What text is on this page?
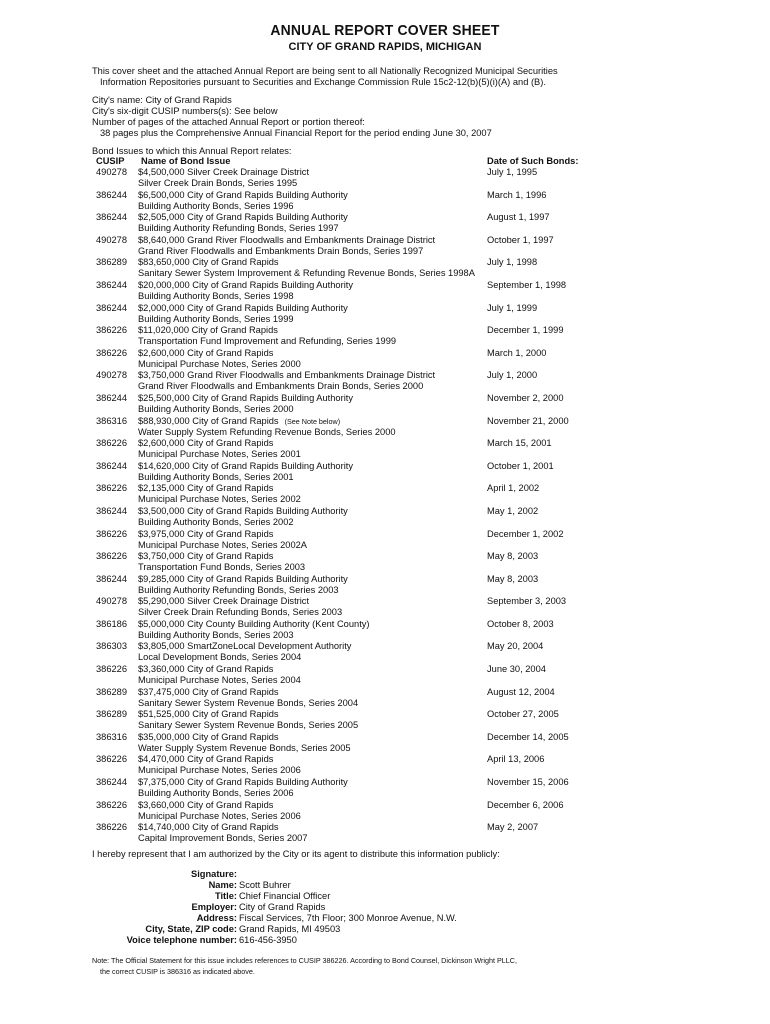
ANNUAL REPORT COVER SHEET
CITY OF GRAND RAPIDS, MICHIGAN
This cover sheet and the attached Annual Report are being sent to all Nationally Recognized Municipal Securities
Information Repositories pursuant to Securities and Exchange Commission Rule 15c2-12(b)(5)(i)(A) and (B).
City's name: City of Grand Rapids
City's six-digit CUSIP numbers(s): See below
Number of pages of the attached Annual Report or portion thereof:
38 pages plus the Comprehensive Annual Financial Report for the period ending June 30, 2007
Bond Issues to which this Annual Report relates:
CUSIP Name of Bond Issue	Date of Such Bonds:
490278 $4,500,000 Silver Creek Drainage District
Silver Creek Drain Bonds, Series 1995
July 1, 1995
386244 $6,500,000 City of Grand Rapids Building Authority
Building Authority Bonds, Series 1996
March 1, 1996
386244 $2,505,000 City of Grand Rapids Building Authority
Building Authority Refunding Bonds, Series 1997
August 1, 1997
490278 $8,640,000 Grand River Floodwalls and Embankments Drainage District
Grand River Floodwalls and Embankments Drain Bonds, Series 1997
October 1, 1997
386289 $83,650,000 City of Grand Rapids
Sanitary Sewer System Improvement & Refunding Revenue Bonds, Series 1998A
July 1, 1998
386244 $20,000,000 City of Grand Rapids Building Authority
Building Authority Bonds, Series 1998
September 1, 1998
386244 $2,000,000 City of Grand Rapids Building Authority
Building Authority Bonds, Series 1999
July 1, 1999
386226 $11,020,000 City of Grand Rapids
Transportation Fund Improvement and Refunding, Series 1999
December 1, 1999
386226 $2,600,000 City of Grand Rapids
Municipal Purchase Notes, Series 2000
March 1, 2000
490278 $3,750,000 Grand River Floodwalls and Embankments Drainage District
Grand River Floodwalls and Embankments Drain Bonds, Series 2000
July 1, 2000
386244 $25,500,000 City of Grand Rapids Building Authority
Building Authority Bonds, Series 2000
November 2, 2000
386316 $88,930,000 City of Grand Rapids (See Note below)
Water Supply System Refunding Revenue Bonds, Series 2000
November 21, 2000
386226 $2,600,000 City of Grand Rapids
Municipal Purchase Notes, Series 2001
March 15, 2001
386244 $14,620,000 City of Grand Rapids Building Authority
Building Authority Bonds, Series 2001
October 1, 2001
386226 $2,135,000 City of Grand Rapids
Municipal Purchase Notes, Series 2002
April 1, 2002
386244 $3,500,000 City of Grand Rapids Building Authority
Building Authority Bonds, Series 2002
May 1, 2002
386226 $3,975,000 City of Grand Rapids
Municipal Purchase Notes, Series 2002A
December 1, 2002
386226 $3,750,000 City of Grand Rapids
Transportation Fund Bonds, Series 2003
May 8, 2003
386244 $9,285,000 City of Grand Rapids Building Authority
Building Authority Refunding Bonds, Series 2003
May 8, 2003
490278 $5,290,000 Silver Creek Drainage District
Silver Creek Drain Refunding Bonds, Series 2003
September 3, 2003
386186 $5,000,000 City County Building Authority (Kent County)
Building Authority Bonds, Series 2003
October 8, 2003
386303 $3,805,000 SmartZoneLocal Development Authority
Local Development Bonds, Series 2004
May 20, 2004
386226 $3,360,000 City of Grand Rapids
Municipal Purchase Notes, Series 2004
June 30, 2004
386289 $37,475,000 City of Grand Rapids
Sanitary Sewer System Revenue Bonds, Series 2004
August 12, 2004
386289 $51,525,000 City of Grand Rapids
Sanitary Sewer System Revenue Bonds, Series 2005
October 27, 2005
386316 $35,000,000 City of Grand Rapids
Water Supply System Revenue Bonds, Series 2005
December 14, 2005
386226 $4,470,000 City of Grand Rapids
Municipal Purchase Notes, Series 2006
April 13, 2006
386244 $7,375,000 City of Grand Rapids Building Authority
Building Authority Bonds, Series 2006
November 15, 2006
386226 $3,660,000 City of Grand Rapids
Municipal Purchase Notes, Series 2006
December 6, 2006
386226 $14,740,000 City of Grand Rapids
Capital Improvement Bonds, Series 2007
May 2, 2007
I hereby represent that I am authorized by the City or its agent to distribute this information publicly:
Signature:
Name: Scott Buhrer
Title: Chief Financial Officer
Employer: City of Grand Rapids
Address: Fiscal Services, 7th Floor; 300 Monroe Avenue, N.W.
City, State, ZIP code: Grand Rapids, MI 49503
Voice telephone number: 616-456-3950
Note: The Official Statement for this issue includes references to CUSIP 386226. According to Bond Counsel, Dickinson Wright PLLC,
the correct CUSIP is 386316 as indicated above.
